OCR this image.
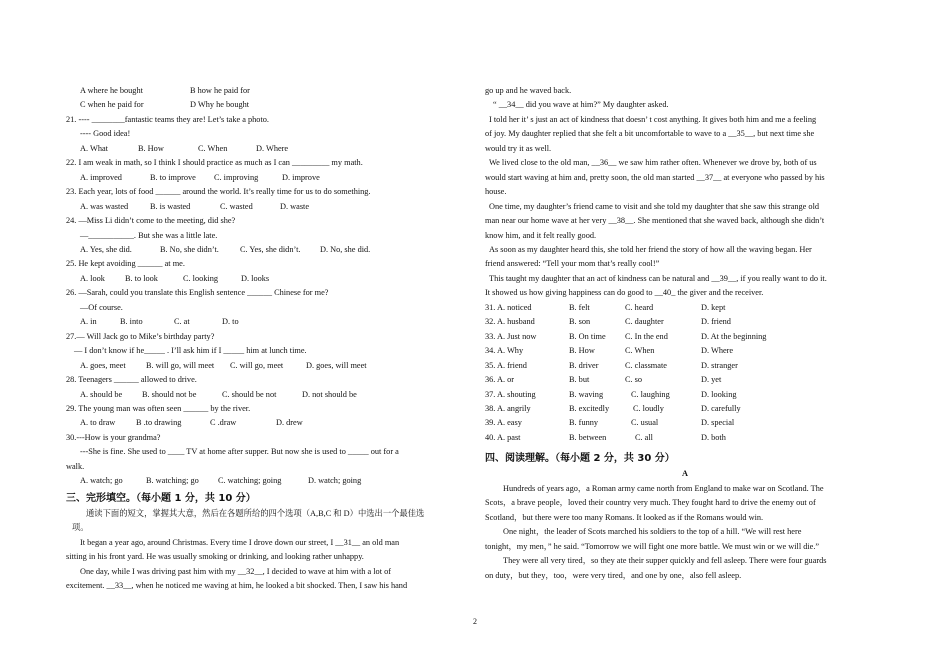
A where he bought	B how he paid for
C when he paid for	D Why he bought
21. ---- ________fantastic teams they are! Let’s take a photo.
---- Good idea!
A. What	B. How	C. When	D. Where
22. I am weak in math, so I think I should practice as much as I can _________ my math.
A. improved	B. to improve C. improving	D. improve
23. Each year, lots of food ______ around the world. It’s really time for us to do something.
A. was wasted	B. is wasted	C. wasted	D. waste
24. —Miss Li didn’t come to the meeting, did she?
—___________. But she was a little late.
A. Yes, she did.	B. No, she didn’t.	C. Yes, she didn’t. D. No, she did.
25. He kept avoiding ______ at me.
A. look B. to look	C. looking	D. looks
26. —Sarah, could you translate this English sentence ______ Chinese for me?
—Of course.
A. in	B. into	C. at	D. to
27.— Will Jack go to Mike’s birthday party?
— I don’t know if he_____ . I’ll ask him if I _____ him at lunch time.
A. goes, meet B. will go, will meet C. will go, meet	D. goes, will meet
28. Teenagers ______ allowed to drive.
A. should be B. should not be	C. should be not	D. not should be
29. The young man was often seen ______ by the river.
A. to draw B .to drawing	C .draw	D. drew
30.---How is your grandma?
---She is fine. She used to ____ TV at home after supper. But now she is used to _____ out for a
walk.
A. watch; go	B. watching; go C. watching; going	D. watch; going
三、完形填空。（每小题 1 分，共 10 分）
通读下面的短文，掌握其大意，然后在各题所给的四个选项（A,B,C 和 D）中选出一个最佳选
项。
It began a year ago, around Christmas. Every time I drove down our street, I __31__ an old man
sitting in his front yard. He was usually smoking or drinking, and looking rather unhappy.
One day, while I was driving past him with my __32__, I decided to wave at him with a lot of
excitement. __33__, when he noticed me waving at him, he looked a bit shocked. Then, I saw his hand
go up and he waved back.
“ __34__ did you wave at him?” My daughter asked.
I told her it’ s just an act of kindness that doesn’ t cost anything. It gives both him and me a feeling
of joy. My daughter replied that she felt a bit uncomfortable to wave to a __35__, but next time she
would try it as well.
We lived close to the old man, __36__ we saw him rather often. Whenever we drove by, both of us
would start waving at him and, pretty soon, the old man started __37__ at everyone who passed by his
house.
One time, my daughter’s friend came to visit and she told my daughter that she saw this strange old
man near our home wave at her very __38__. She mentioned that she waved back, although she didn’t
know him, and it felt really good.
As soon as my daughter heard this, she told her friend the story of how all the waving began. Her
friend answered: “Tell your mom that’s really cool!”
This taught my daughter that an act of kindness can be natural and __39__, if you really want to do it.
It showed us how giving happiness can do good to __40_ the giver and the receiver.
31. A. noticed	B. felt	C. heard	D. kept
32. A. husband	B. son	C. daughter	D. friend
33. A. Just now	B. On time C. In the end	D. At the beginning
34. A. Why	B. How	C. When	D. Where
35. A. friend	B. driver	C. classmate	D. stranger
36. A. or	B. but	C. so	D. yet
37. A. shouting	B. waving	C. laughing	D. looking
38. A. angrily	B. excitedly	C. loudly	D. carefully
39. A. easy	B. funny	C. usual	D. special
40. A. past	B. between	C. all	D. both
四、阅读理解。（每小题 2 分，共 30 分）
A
Hundreds of years ago，a Roman army came north from England to make war on Scotland. The
Scots，a brave people，loved their country very much. They fought hard to drive the enemy out of
Scotland，but there were too many Romans. It looked as if the Romans would win.
One night，the leader of Scots marched his soldiers to the top of a hill. “We will rest here
tonight，my men，” he said. “Tomorrow we will fight one more battle. We must win or we will die.”
They were all very tired，so they ate their supper quickly and fell asleep. There were four guards
on duty，but they，too，were very tired，and one by one，also fell asleep.
2
